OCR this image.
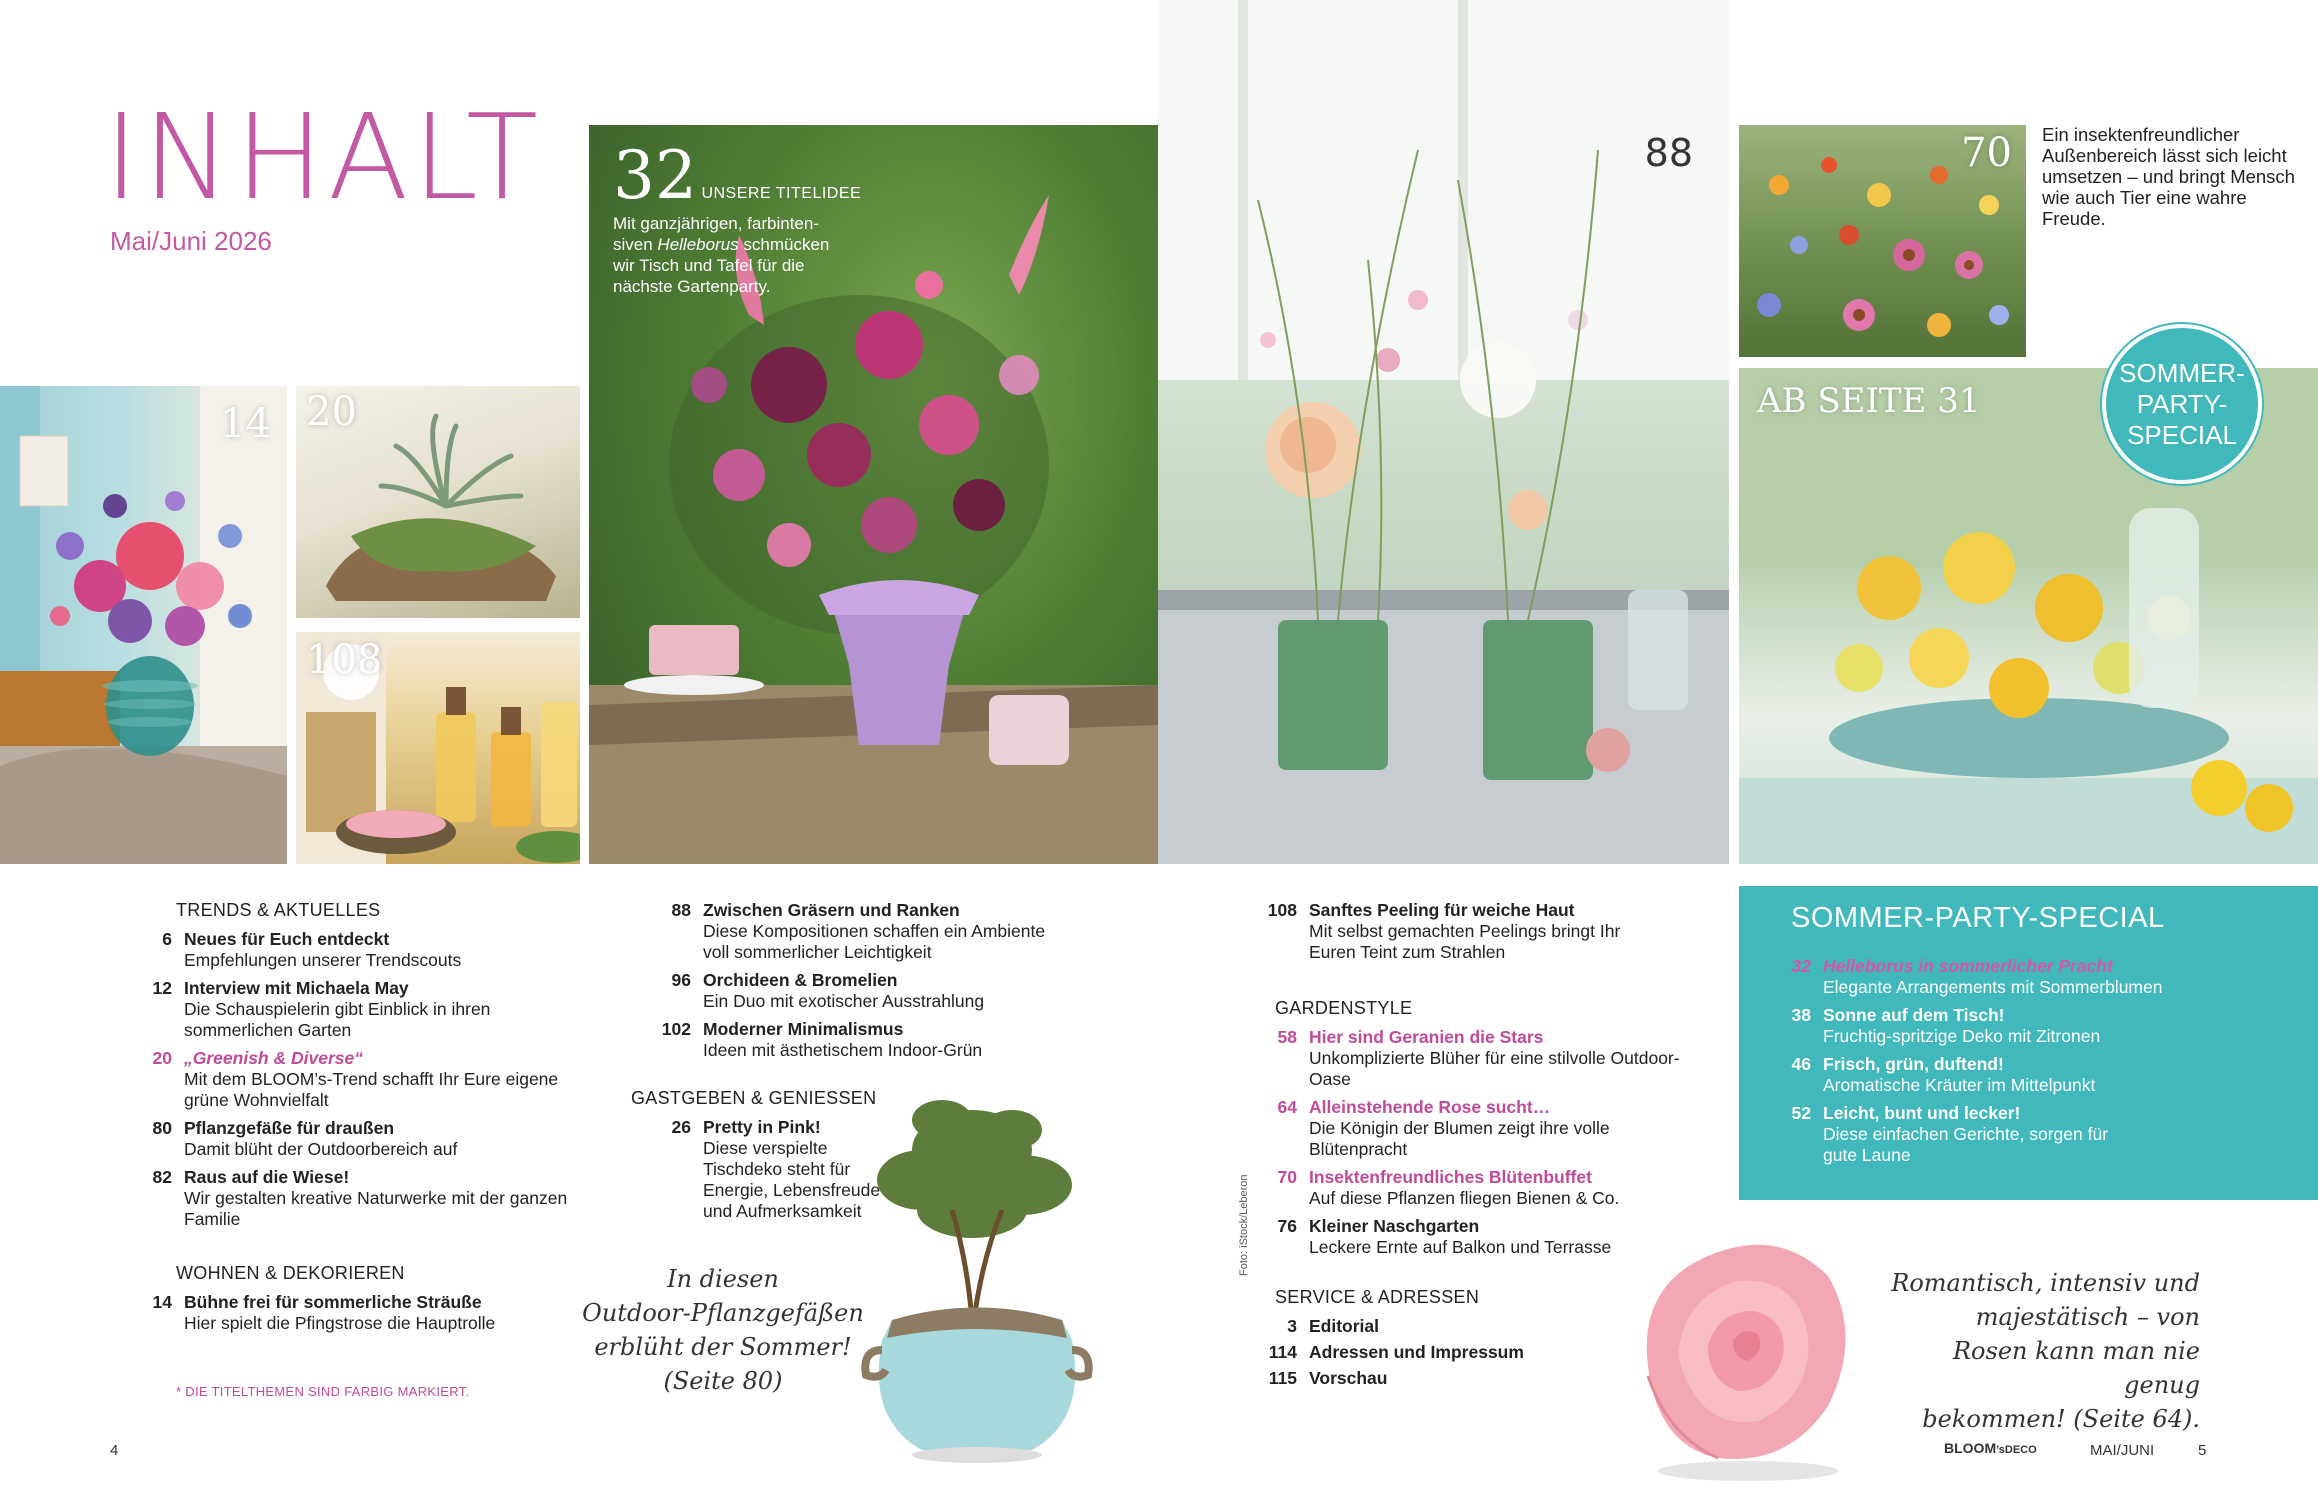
INHALT
Mai/Juni 2026
14 20
108
32 UNSERE TITELIDEE
Mit ganzjährigen, farbinten-
siven Helleborus schmücken
wir Tisch und Tafel für die
nächste Gartenparty.
88	70
AB SEITE 31
SOMMER-
PARTY-
SPECIAL
Ein insektenfreundlicher Außenbereich lässt sich leicht umsetzen – und bringt Mensch wie auch Tier eine wahre Freude.
TRENDS & AKTUELLES
6 Neues für Euch entdeckt
Empfehlungen unserer Trendscouts
12 Interview mit Michaela May
Die Schauspielerin gibt Einblick in ihren sommerlichen Garten
20 „Greenish & Diverse“
Mit dem BLOOM’s-Trend schafft Ihr Eure eigene grüne Wohnvielfalt
80 Pflanzgefäße für draußen
Damit blüht der Outdoorbereich auf
82 Raus auf die Wiese!
Wir gestalten kreative Naturwerke mit der ganzen Familie
WOHNEN & DEKORIEREN
14 Bühne frei für sommerliche Sträuße
Hier spielt die Pfingstrose die Hauptrolle
* DIE TITELTHEMEN SIND FARBIG MARKIERT.
88 Zwischen Gräsern und Ranken
Diese Kompositionen schaffen ein Ambiente voll sommerlicher Leichtigkeit
96 Orchideen & Bromelien
Ein Duo mit exotischer Ausstrahlung
102 Moderner Minimalismus
Ideen mit ästhetischem Indoor-Grün
GASTGEBEN & GENIESSEN
26 Pretty in Pink!
Diese verspielte Tischdeko steht für Energie, Lebensfreude und Aufmerksamkeit
In diesen
Outdoor-Pflanzgefäßen
erblüht der Sommer!
(Seite 80)
108 Sanftes Peeling für weiche Haut
Mit selbst gemachten Peelings bringt Ihr Euren Teint zum Strahlen
GARDENSTYLE
58 Hier sind Geranien die Stars
Unkomplizierte Blüher für eine stilvolle Outdoor-Oase
64 Alleinstehende Rose sucht…
Die Königin der Blumen zeigt ihre volle Blütenpracht
70 Insektenfreundliches Blütenbuffet
Auf diese Pflanzen fliegen Bienen & Co.
76 Kleiner Naschgarten
Leckere Ernte auf Balkon und Terrasse
SERVICE & ADRESSEN
3 Editorial
114 Adressen und Impressum
115 Vorschau
Foto: iStock/Leberon
SOMMER-PARTY-SPECIAL
32 Helleborus in sommerlicher Pracht
Elegante Arrangements mit Sommerblumen
38 Sonne auf dem Tisch!
Fruchtig-spritzige Deko mit Zitronen
46 Frisch, grün, duftend!
Aromatische Kräuter im Mittelpunkt
52 Leicht, bunt und lecker!
Diese einfachen Gerichte, sorgen für gute Laune
Romantisch, intensiv und
majestätisch – von
Rosen kann man nie genug
bekommen! (Seite 64).
4	BLOOM’sDECO	MAI/JUNI	5
